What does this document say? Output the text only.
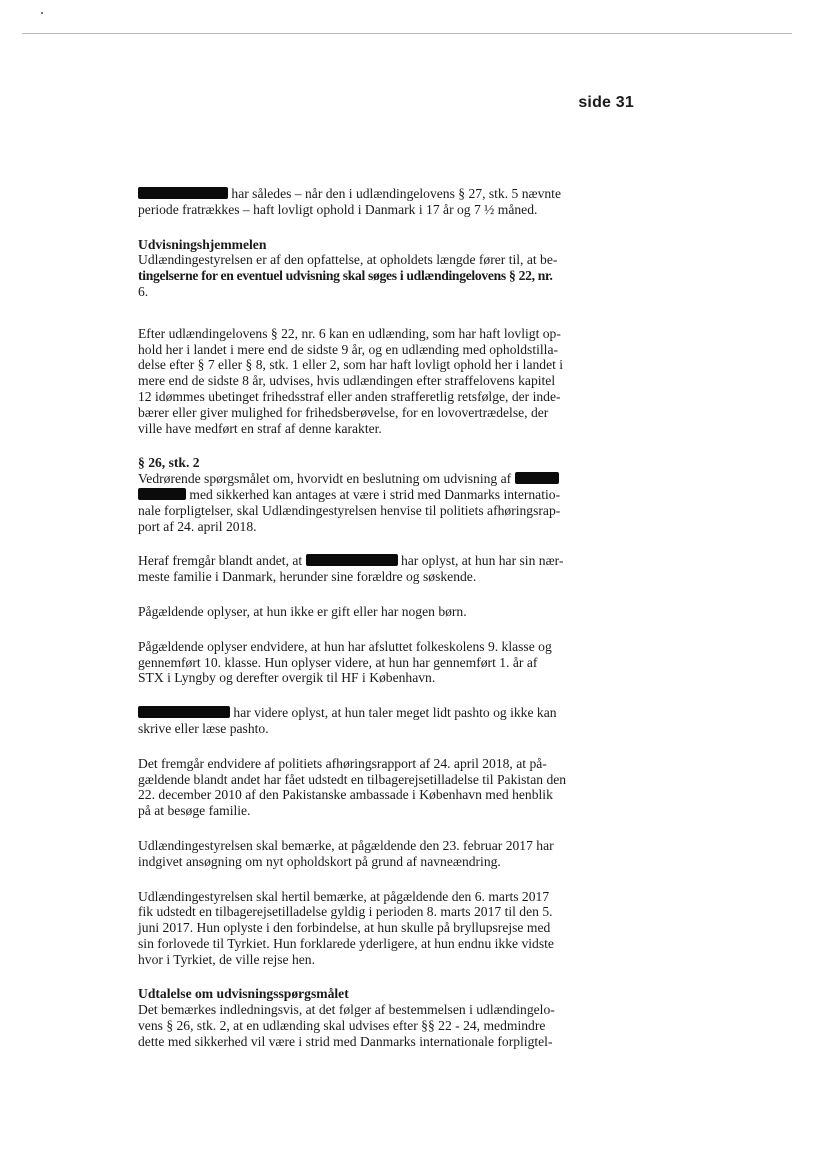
side 31
har således – når den i udlændingelovens § 27, stk. 5 nævnte
periode fratrækkes – haft lovligt ophold i Danmark i 17 år og 7 ½ måned.
Udvisningshjemmelen
Udlændingestyrelsen er af den opfattelse, at opholdets længde fører til, at be-
tingelserne for en eventuel udvisning skal søges i udlændingelovens § 22, nr.
6.
Efter udlændingelovens § 22, nr. 6 kan en udlænding, som har haft lovligt op-
hold her i landet i mere end de sidste 9 år, og en udlænding med opholdstilla-
delse efter § 7 eller § 8, stk. 1 eller 2, som har haft lovligt ophold her i landet i
mere end de sidste 8 år, udvises, hvis udlændingen efter straffelovens kapitel
12 idømmes ubetinget frihedsstraf eller anden strafferetlig retsfølge, der inde-
bærer eller giver mulighed for frihedsberøvelse, for en lovovertrædelse, der
ville have medført en straf af denne karakter.
§ 26, stk. 2
Vedrørende spørgsmålet om, hvorvidt en beslutning om udvisning af
med sikkerhed kan antages at være i strid med Danmarks internatio-
nale forpligtelser, skal Udlændingestyrelsen henvise til politiets afhøringsrap-
port af 24. april 2018.
Heraf fremgår blandt andet, at	har oplyst, at hun har sin nær-
meste familie i Danmark, herunder sine forældre og søskende.
Pågældende oplyser, at hun ikke er gift eller har nogen børn.
Pågældende oplyser endvidere, at hun har afsluttet folkeskolens 9. klasse og
gennemført 10. klasse. Hun oplyser videre, at hun har gennemført 1. år af
STX i Lyngby og derefter overgik til HF i København.
har videre oplyst, at hun taler meget lidt pashto og ikke kan
skrive eller læse pashto.
Det fremgår endvidere af politiets afhøringsrapport af 24. april 2018, at på-
gældende blandt andet har fået udstedt en tilbagerejsetilladelse til Pakistan den
22. december 2010 af den Pakistanske ambassade i København med henblik
på at besøge familie.
Udlændingestyrelsen skal bemærke, at pågældende den 23. februar 2017 har
indgivet ansøgning om nyt opholdskort på grund af navneændring.
Udlændingestyrelsen skal hertil bemærke, at pågældende den 6. marts 2017
fik udstedt en tilbagerejsetilladelse gyldig i perioden 8. marts 2017 til den 5.
juni 2017. Hun oplyste i den forbindelse, at hun skulle på bryllupsrejse med
sin forlovede til Tyrkiet. Hun forklarede yderligere, at hun endnu ikke vidste
hvor i Tyrkiet, de ville rejse hen.
Udtalelse om udvisningsspørgsmålet
Det bemærkes indledningsvis, at det følger af bestemmelsen i udlændingelo-
vens § 26, stk. 2, at en udlænding skal udvises efter §§ 22 - 24, medmindre
dette med sikkerhed vil være i strid med Danmarks internationale forpligtel-
